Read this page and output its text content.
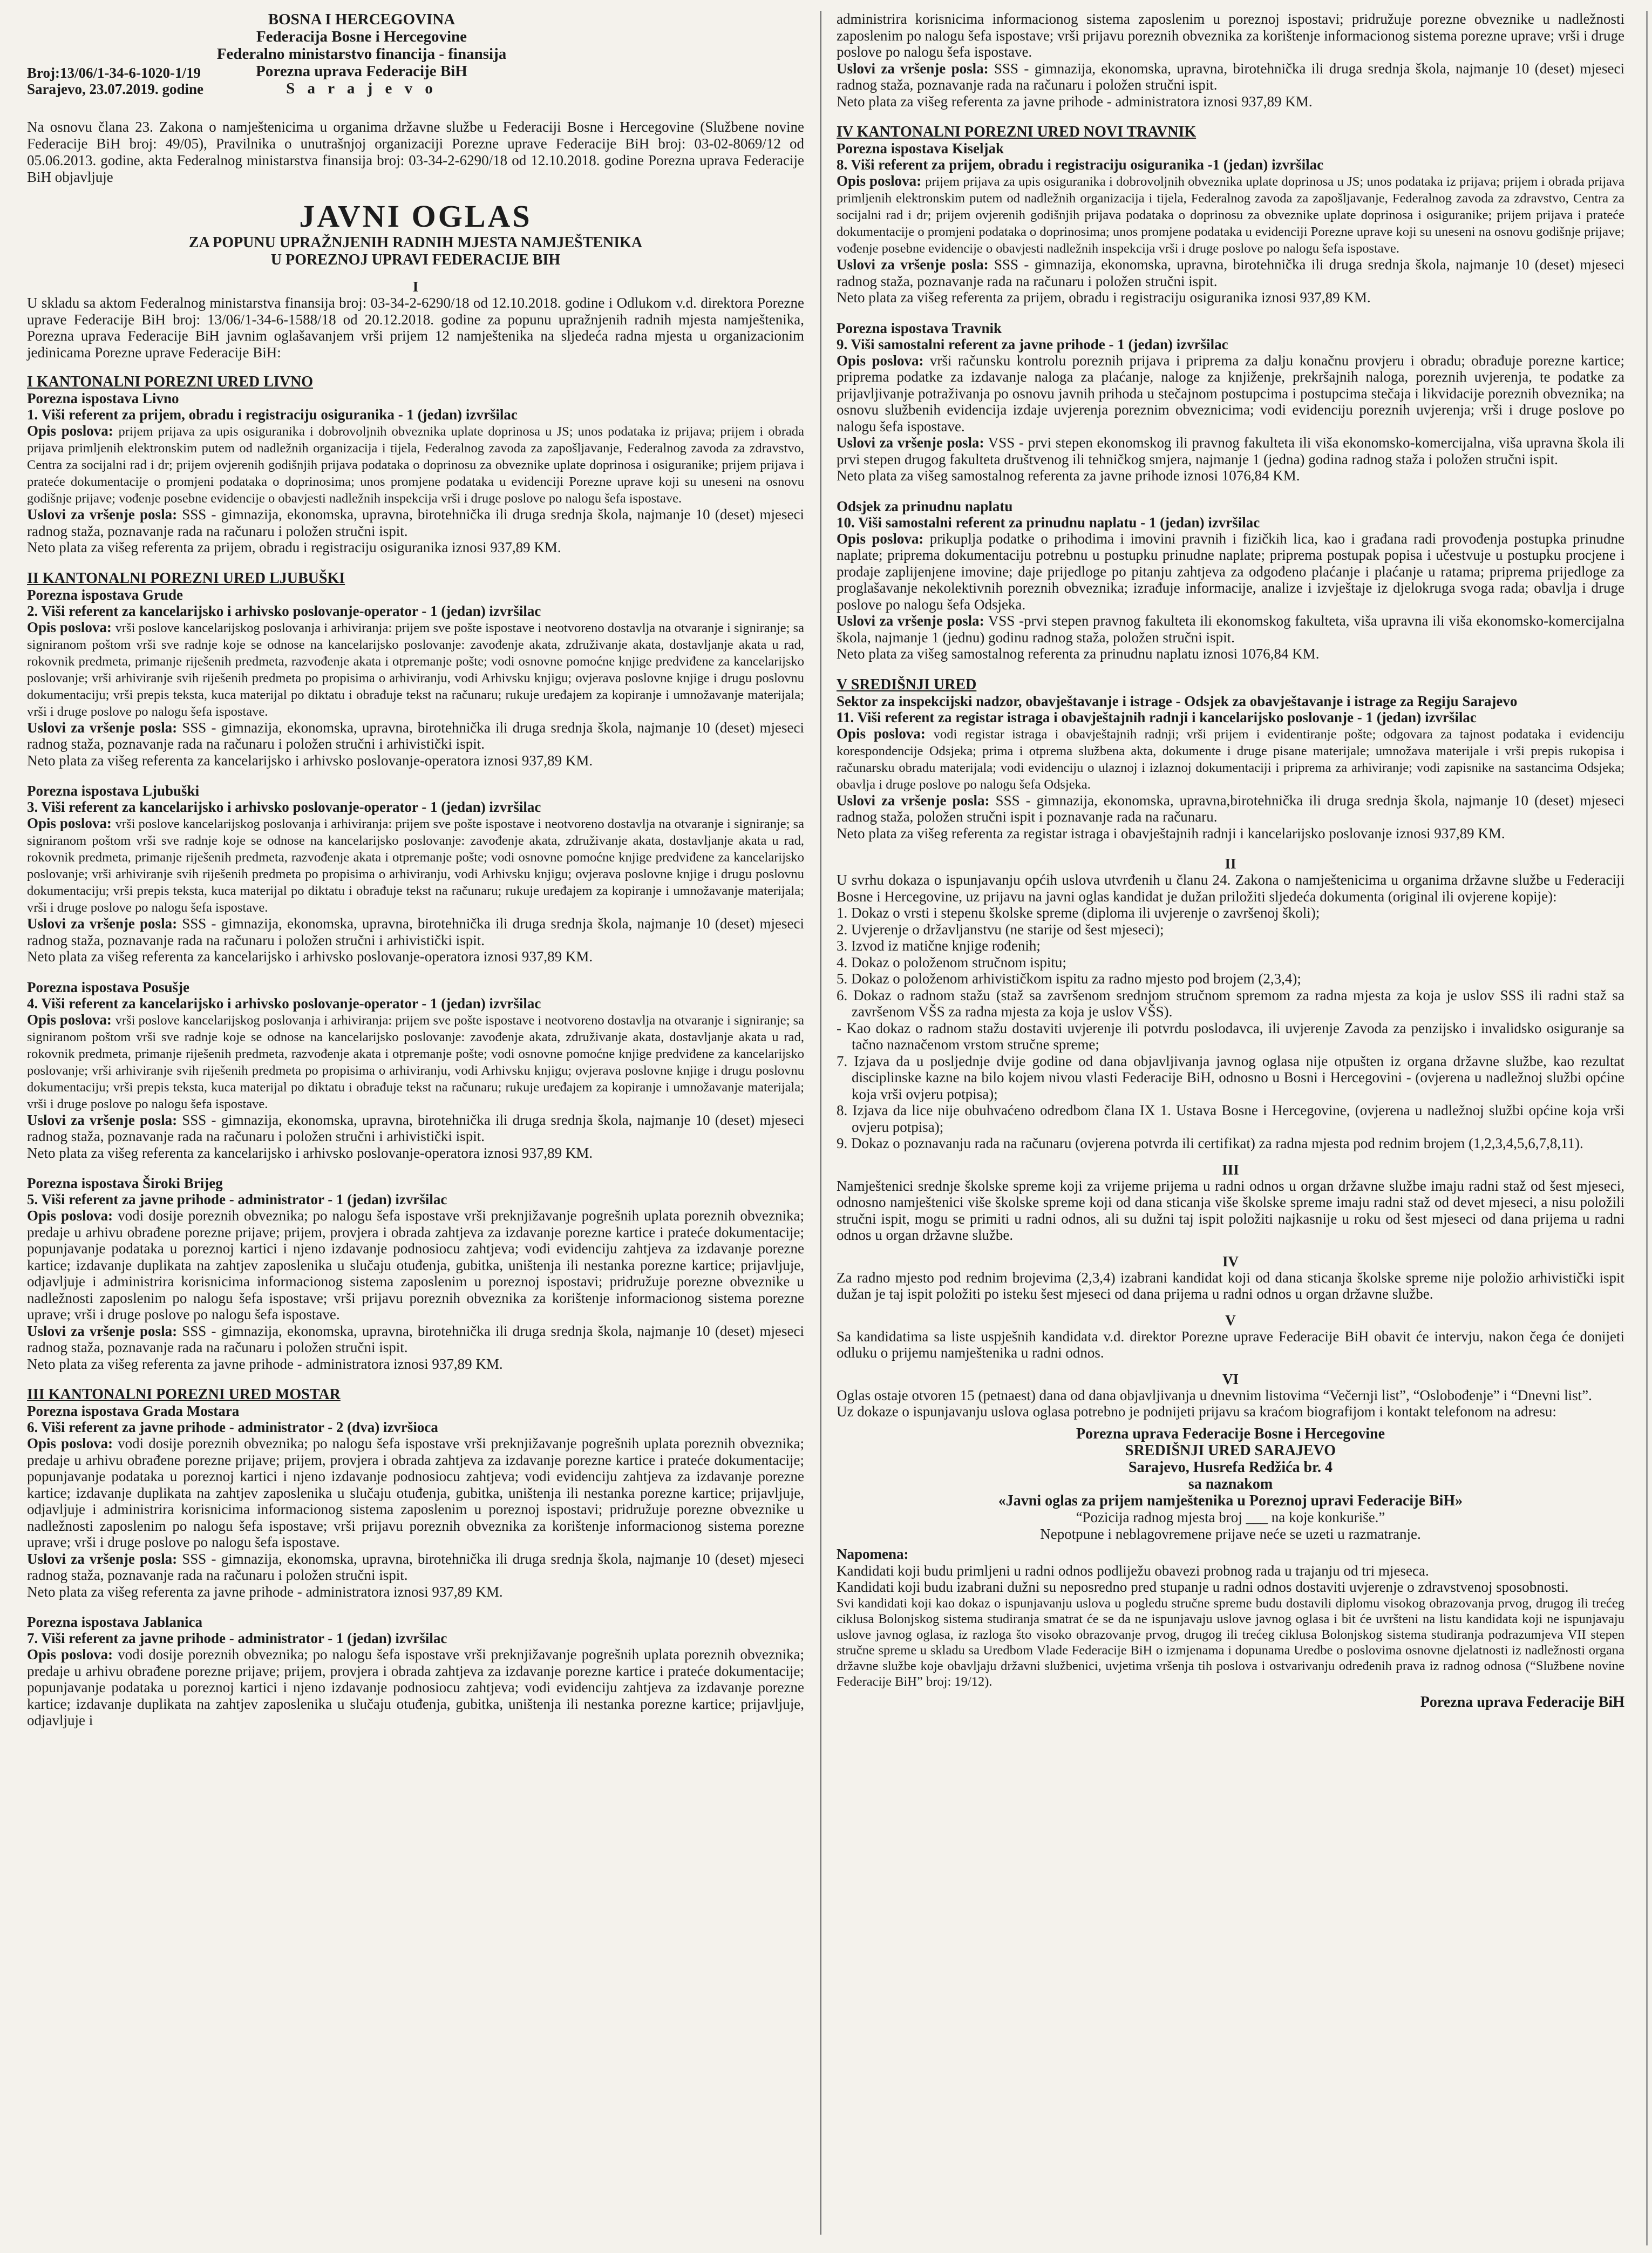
BOSNA I HERCEGOVINA
Federacija Bosne i Hercegovine
Federalno ministarstvo financija - finansija
Porezna uprava Federacije BiH
S a r a j e v o
Broj:13/06/1-34-6-1020-1/19
Sarajevo, 23.07.2019. godine

Na osnovu člana 23. Zakona o namještenicima u organima državne službe u Federaciji Bosne i Hercegovine (Službene novine Federacije BiH broj: 49/05), Pravilnika o unutrašnjoj organizaciji Porezne uprave Federacije BiH broj: 03-02-8069/12 od 05.06.2013. godine, akta Federalnog ministarstva finansija broj: 03-34-2-6290/18 od 12.10.2018. godine Porezna uprava Federacije BiH objavljuje

JAVNI OGLAS
ZA POPUNU UPRAŽNJENIH RADNIH MJESTA NAMJEŠTENIKA
U POREZNOJ UPRAVI FEDERACIJE BIH
I

U skladu sa aktom Federalnog ministarstva finansija broj: 03-34-2-6290/18 od 12.10.2018. godine i Odlukom v.d. direktora Porezne uprave Federacije BiH broj: 13/06/1-34-6-1588/18 od 20.12.2018. godine za popunu upražnjenih radnih mjesta namještenika, Porezna uprava Federacije BiH javnim oglašavanjem vrši prijem 12 namještenika na sljedeća radna mjesta u organizacionim jedinicama Porezne uprave Federacije BiH:

I KANTONALNI POREZNI URED LIVNO
Porezna ispostava Livno
1. Viši referent za prijem, obradu i registraciju osiguranika - 1 (jedan) izvršilac

Opis poslova: prijem prijava za upis osiguranika i dobrovoljnih obveznika uplate doprinosa u JS; unos podataka iz prijava; prijem i obrada prijava primljenih elektronskim putem od nadležnih organizacija i tijela, Federalnog zavoda za zapošljavanje, Federalnog zavoda za zdravstvo, Centra za socijalni rad i dr; prijem ovjerenih godišnjih prijava podataka o doprinosu za obveznike uplate doprinosa i osiguranike; prijem prijava i prateće dokumentacije o promjeni podataka o doprinosima; unos promjene podataka u evidenciji Porezne uprave koji su uneseni na osnovu godišnje prijave; vođenje posebne evidencije o obavjesti nadležnih inspekcija vrši i druge poslove po nalogu šefa ispostave.

Uslovi za vršenje posla: SSS - gimnazija, ekonomska, upravna, birotehnička ili druga srednja škola, najmanje 10 (deset) mjeseci radnog staža, poznavanje rada na računaru i položen stručni ispit.

Neto plata za višeg referenta za prijem, obradu i registraciju osiguranika iznosi 937,89 KM.

II KANTONALNI POREZNI URED LJUBUŠKI
Porezna ispostava Grude
2. Viši referent za kancelarijsko i arhivsko poslovanje-operator - 1 (jedan) izvršilac

Opis poslova: vrši poslove kancelarijskog poslovanja i arhiviranja: prijem sve pošte ispostave i neotvoreno dostavlja na otvaranje i signiranje; sa signiranom poštom vrši sve radnje koje se odnose na kancelarijsko poslovanje: zavođenje akata, združivanje akata, dostavljanje akata u rad, rokovnik predmeta, primanje riješenih predmeta, razvođenje akata i otpremanje pošte; vodi osnovne pomoćne knjige predviđene za kancelarijsko poslovanje; vrši arhiviranje svih riješenih predmeta po propisima o arhiviranju, vodi Arhivsku knjigu; ovjerava poslovne knjige i drugu poslovnu dokumentaciju; vrši prepis teksta, kuca materijal po diktatu i obrađuje tekst na računaru; rukuje uređajem za kopiranje i umnožavanje materijala; vrši i druge poslove po nalogu šefa ispostave.

Uslovi za vršenje posla: SSS - gimnazija, ekonomska, upravna, birotehnička ili druga srednja škola, najmanje 10 (deset) mjeseci radnog staža, poznavanje rada na računaru i položen stručni i arhivistički ispit.

Neto plata za višeg referenta za kancelarijsko i arhivsko poslovanje-operatora iznosi 937,89 KM.

Porezna ispostava Ljubuški
3. Viši referent za kancelarijsko i arhivsko poslovanje-operator - 1 (jedan) izvršilac

Opis poslova: vrši poslove kancelarijskog poslovanja i arhiviranja: prijem sve pošte ispostave i neotvoreno dostavlja na otvaranje i signiranje; sa signiranom poštom vrši sve radnje koje se odnose na kancelarijsko poslovanje: zavođenje akata, združivanje akata, dostavljanje akata u rad, rokovnik predmeta, primanje riješenih predmeta, razvođenje akata i otpremanje pošte; vodi osnovne pomoćne knjige predviđene za kancelarijsko poslovanje; vrši arhiviranje svih riješenih predmeta po propisima o arhiviranju, vodi Arhivsku knjigu; ovjerava poslovne knjige i drugu poslovnu dokumentaciju; vrši prepis teksta, kuca materijal po diktatu i obrađuje tekst na računaru; rukuje uređajem za kopiranje i umnožavanje materijala; vrši i druge poslove po nalogu šefa ispostave.

Uslovi za vršenje posla: SSS - gimnazija, ekonomska, upravna, birotehnička ili druga srednja škola, najmanje 10 (deset) mjeseci radnog staža, poznavanje rada na računaru i položen stručni i arhivistički ispit.

Neto plata za višeg referenta za kancelarijsko i arhivsko poslovanje-operatora iznosi 937,89 KM.

Porezna ispostava Posušje
4. Viši referent za kancelarijsko i arhivsko poslovanje-operator - 1 (jedan) izvršilac

Opis poslova: vrši poslove kancelarijskog poslovanja i arhiviranja: prijem sve pošte ispostave i neotvoreno dostavlja na otvaranje i signiranje; sa signiranom poštom vrši sve radnje koje se odnose na kancelarijsko poslovanje: zavođenje akata, združivanje akata, dostavljanje akata u rad, rokovnik predmeta, primanje riješenih predmeta, razvođenje akata i otpremanje pošte; vodi osnovne pomoćne knjige predviđene za kancelarijsko poslovanje; vrši arhiviranje svih riješenih predmeta po propisima o arhiviranju, vodi Arhivsku knjigu; ovjerava poslovne knjige i drugu poslovnu dokumentaciju; vrši prepis teksta, kuca materijal po diktatu i obrađuje tekst na računaru; rukuje uređajem za kopiranje i umnožavanje materijala; vrši i druge poslove po nalogu šefa ispostave.

Uslovi za vršenje posla: SSS - gimnazija, ekonomska, upravna, birotehnička ili druga srednja škola, najmanje 10 (deset) mjeseci radnog staža, poznavanje rada na računaru i položen stručni i arhivistički ispit.

Neto plata za višeg referenta za kancelarijsko i arhivsko poslovanje-operatora iznosi 937,89 KM.

Porezna ispostava Široki Brijeg
5. Viši referent za javne prihode - administrator - 1 (jedan) izvršilac

Opis poslova: vodi dosije poreznih obveznika; po nalogu šefa ispostave vrši preknjižavanje pogrešnih uplata poreznih obveznika; predaje u arhivu obrađene porezne prijave; prijem, provjera i obrada zahtjeva za izdavanje porezne kartice i prateće dokumentacije; popunjavanje podataka u poreznoj kartici i njeno izdavanje podnosiocu zahtjeva; vodi evidenciju zahtjeva za izdavanje porezne kartice; izdavanje duplikata na zahtjev zaposlenika u slučaju otuđenja, gubitka, uništenja ili nestanka porezne kartice; prijavljuje, odjavljuje i administrira korisnicima informacionog sistema zaposlenim u poreznoj ispostavi; pridružuje porezne obveznike u nadležnosti zaposlenim po nalogu šefa ispostave; vrši prijavu poreznih obveznika za korištenje informacionog sistema porezne uprave; vrši i druge poslove po nalogu šefa ispostave.

Uslovi za vršenje posla: SSS - gimnazija, ekonomska, upravna, birotehnička ili druga srednja škola, najmanje 10 (deset) mjeseci radnog staža, poznavanje rada na računaru i položen stručni ispit.

Neto plata za višeg referenta za javne prihode - administratora iznosi 937,89 KM.

III KANTONALNI POREZNI URED MOSTAR
Porezna ispostava Grada Mostara
6. Viši referent za javne prihode - administrator - 2 (dva) izvršioca

Opis poslova: vodi dosije poreznih obveznika; po nalogu šefa ispostave vrši preknjižavanje pogrešnih uplata poreznih obveznika; predaje u arhivu obrađene porezne prijave; prijem, provjera i obrada zahtjeva za izdavanje porezne kartice i prateće dokumentacije; popunjavanje podataka u poreznoj kartici i njeno izdavanje podnosiocu zahtjeva; vodi evidenciju zahtjeva za izdavanje porezne kartice; izdavanje duplikata na zahtjev zaposlenika u slučaju otuđenja, gubitka, uništenja ili nestanka porezne kartice; prijavljuje, odjavljuje i administrira korisnicima informacionog sistema zaposlenim u poreznoj ispostavi; pridružuje porezne obveznike u nadležnosti zaposlenim po nalogu šefa ispostave; vrši prijavu poreznih obveznika za korištenje informacionog sistema porezne uprave; vrši i druge poslove po nalogu šefa ispostave.

Uslovi za vršenje posla: SSS - gimnazija, ekonomska, upravna, birotehnička ili druga srednja škola, najmanje 10 (deset) mjeseci radnog staža, poznavanje rada na računaru i položen stručni ispit.

Neto plata za višeg referenta za javne prihode - administratora iznosi 937,89 KM.

Porezna ispostava Jablanica
7. Viši referent za javne prihode - administrator - 1 (jedan) izvršilac

Opis poslova: vodi dosije poreznih obveznika; po nalogu šefa ispostave vrši preknjižavanje pogrešnih uplata poreznih obveznika; predaje u arhivu obrađene porezne prijave; prijem, provjera i obrada zahtjeva za izdavanje porezne kartice i prateće dokumentacije; popunjavanje podataka u poreznoj kartici i njeno izdavanje podnosiocu zahtjeva; vodi evidenciju zahtjeva za izdavanje porezne kartice; izdavanje duplikata na zahtjev zaposlenika u slučaju otuđenja, gubitka, uništenja ili nestanka porezne kartice; prijavljuje, odjavljuje i

administrira korisnicima informacionog sistema zaposlenim u poreznoj ispostavi; pridružuje porezne obveznike u nadležnosti zaposlenim po nalogu šefa ispostave; vrši prijavu poreznih obveznika za korištenje informacionog sistema porezne uprave; vrši i druge poslove po nalogu šefa ispostave.

Uslovi za vršenje posla: SSS - gimnazija, ekonomska, upravna, birotehnička ili druga srednja škola, najmanje 10 (deset) mjeseci radnog staža, poznavanje rada na računaru i položen stručni ispit.

Neto plata za višeg referenta za javne prihode - administratora iznosi 937,89 KM.

IV KANTONALNI POREZNI URED NOVI TRAVNIK
Porezna ispostava Kiseljak
8. Viši referent za prijem, obradu i registraciju osiguranika -1 (jedan) izvršilac

Opis poslova: prijem prijava za upis osiguranika i dobrovoljnih obveznika uplate doprinosa u JS; unos podataka iz prijava; prijem i obrada prijava primljenih elektronskim putem od nadležnih organizacija i tijela, Federalnog zavoda za zapošljavanje, Federalnog zavoda za zdravstvo, Centra za socijalni rad i dr; prijem ovjerenih godišnjih prijava podataka o doprinosu za obveznike uplate doprinosa i osiguranike; prijem prijava i prateće dokumentacije o promjeni podataka o doprinosima; unos promjene podataka u evidenciji Porezne uprave koji su uneseni na osnovu godišnje prijave; vođenje posebne evidencije o obavjesti nadležnih inspekcija vrši i druge poslove po nalogu šefa ispostave.

Uslovi za vršenje posla: SSS - gimnazija, ekonomska, upravna, birotehnička ili druga srednja škola, najmanje 10 (deset) mjeseci radnog staža, poznavanje rada na računaru i položen stručni ispit.

Neto plata za višeg referenta za prijem, obradu i registraciju osiguranika iznosi 937,89 KM.

Porezna ispostava Travnik
9. Viši samostalni referent za javne prihode - 1 (jedan) izvršilac

Opis poslova: vrši računsku kontrolu poreznih prijava i priprema za dalju konačnu provjeru i obradu; obrađuje porezne kartice; priprema podatke za izdavanje naloga za plaćanje, naloge za knjiženje, prekršajnih naloga, poreznih uvjerenja, te podatke za prijavljivanje potraživanja po osnovu javnih prihoda u stečajnom postupcima i postupcima stečaja i likvidacije poreznih obveznika; na osnovu službenih evidencija izdaje uvjerenja poreznim obveznicima; vodi evidenciju poreznih uvjerenja; vrši i druge poslove po nalogu šefa ispostave.

Uslovi za vršenje posla: VSS - prvi stepen ekonomskog ili pravnog fakulteta ili viša ekonomsko-komercijalna, viša upravna škola ili prvi stepen drugog fakulteta društvenog ili tehničkog smjera, najmanje 1 (jedna) godina radnog staža i položen stručni ispit.

Neto plata za višeg samostalnog referenta za javne prihode iznosi 1076,84 KM.

Odsjek za prinudnu naplatu
10. Viši samostalni referent za prinudnu naplatu - 1 (jedan) izvršilac

Opis poslova: prikuplja podatke o prihodima i imovini pravnih i fizičkih lica, kao i građana radi provođenja postupka prinudne naplate; priprema dokumentaciju potrebnu u postupku prinudne naplate; priprema postupak popisa i učestvuje u postupku procjene i prodaje zaplijenjene imovine; daje prijedloge po pitanju zahtjeva za odgođeno plaćanje i plaćanje u ratama; priprema prijedloge za proglašavanje nekolektivnih poreznih obveznika; izrađuje informacije, analize i izvještaje iz djelokruga svoga rada; obavlja i druge poslove po nalogu šefa Odsjeka.

Uslovi za vršenje posla: VSS -prvi stepen pravnog fakulteta ili ekonomskog fakulteta, viša upravna ili viša ekonomsko-komercijalna škola, najmanje 1 (jednu) godinu radnog staža, položen stručni ispit.

Neto plata za višeg samostalnog referenta za prinudnu naplatu iznosi 1076,84 KM.

V SREDIŠNJI URED
Sektor za inspekcijski nadzor, obavještavanje i istrage - Odsjek za obavještavanje i istrage za Regiju Sarajevo
11. Viši referent za registar istraga i obavještajnih radnji i kancelarijsko poslovanje - 1 (jedan) izvršilac

Opis poslova: vodi registar istraga i obavještajnih radnji; vrši prijem i evidentiranje pošte; odgovara za tajnost podataka i evidenciju korespondencije Odsjeka; prima i otprema službena akta, dokumente i druge pisane materijale; umnožava materijale i vrši prepis rukopisa i računarsku obradu materijala; vodi evidenciju o ulaznoj i izlaznoj dokumentaciji i priprema za arhiviranje; vodi zapisnike na sastancima Odsjeka; obavlja i druge poslove po nalogu šefa Odsjeka.

Uslovi za vršenje posla: SSS - gimnazija, ekonomska, upravna,birotehnička ili druga srednja škola, najmanje 10 (deset) mjeseci radnog staža, položen stručni ispit i poznavanje rada na računaru.

Neto plata za višeg referenta za registar istraga i obavještajnih radnji i kancelarijsko poslovanje iznosi 937,89 KM.

II

U svrhu dokaza o ispunjavanju općih uslova utvrđenih u članu 24. Zakona o namještenicima u organima državne službe u Federaciji Bosne i Hercegovine, uz prijavu na javni oglas kandidat je dužan priložiti sljedeća dokumenta (original ili ovjerene kopije):

1. Dokaz o vrsti i stepenu školske spreme (diploma ili uvjerenje o završenoj školi);
2. Uvjerenje o državljanstvu (ne starije od šest mjeseci);
3. Izvod iz matične knjige rođenih;
4. Dokaz o položenom stručnom ispitu;
5. Dokaz o položenom arhivističkom ispitu za radno mjesto pod brojem (2,3,4);
6. Dokaz o radnom stažu (staž sa završenom srednjom stručnom spremom za radna mjesta za koja je uslov SSS ili radni staž sa završenom VŠS za radna mjesta za koja je uslov VŠS).
- Kao dokaz o radnom stažu dostaviti uvjerenje ili potvrdu poslodavca, ili uvjerenje Zavoda za penzijsko i invalidsko osiguranje sa tačno naznačenom vrstom stručne spreme;
7. Izjava da u posljednje dvije godine od dana objavljivanja javnog oglasa nije otpušten iz organa državne službe, kao rezultat disciplinske kazne na bilo kojem nivou vlasti Federacije BiH, odnosno u Bosni i Hercegovini - (ovjerena u nadležnoj službi općine koja vrši ovjeru potpisa);
8. Izjava da lice nije obuhvaćeno odredbom člana IX 1. Ustava Bosne i Hercegovine, (ovjerena u nadležnoj službi općine koja vrši ovjeru potpisa);
9. Dokaz o poznavanju rada na računaru (ovjerena potvrda ili certifikat) za radna mjesta pod rednim brojem (1,2,3,4,5,6,7,8,11).
III

Namještenici srednje školske spreme koji za vrijeme prijema u radni odnos u organ državne službe imaju radni staž od šest mjeseci, odnosno namještenici više školske spreme koji od dana sticanja više školske spreme imaju radni staž od devet mjeseci, a nisu položili stručni ispit, mogu se primiti u radni odnos, ali su dužni taj ispit položiti najkasnije u roku od šest mjeseci od dana prijema u radni odnos u organ državne službe.

IV

Za radno mjesto pod rednim brojevima (2,3,4) izabrani kandidat koji od dana sticanja školske spreme nije položio arhivistički ispit dužan je taj ispit položiti po isteku šest mjeseci od dana prijema u radni odnos u organ državne službe.

V

Sa kandidatima sa liste uspješnih kandidata v.d. direktor Porezne uprave Federacije BiH obavit će intervju, nakon čega će donijeti odluku o prijemu namještenika u radni odnos.

VI

Oglas ostaje otvoren 15 (petnaest) dana od dana objavljivanja u dnevnim listovima “Večernji list”, “Oslobođenje” i “Dnevni list”.

Uz dokaze o ispunjavanju uslova oglasa potrebno je podnijeti prijavu sa kraćom biografijom i kontakt telefonom na adresu:

Porezna uprava Federacije Bosne i Hercegovine
SREDIŠNJI URED SARAJEVO
Sarajevo, Husrefa Redžića br. 4
sa naznakom
«Javni oglas za prijem namještenika u Poreznoj upravi Federacije BiH»
“Pozicija radnog mjesta broj ___ na koje konkuriše.”
Nepotpune i neblagovremene prijave neće se uzeti u razmatranje.
Napomena:

Kandidati koji budu primljeni u radni odnos podliježu obavezi probnog rada u trajanju od tri mjeseca.

Kandidati koji budu izabrani dužni su neposredno pred stupanje u radni odnos dostaviti uvjerenje o zdravstvenoj sposobnosti.

Svi kandidati koji kao dokaz o ispunjavanju uslova u pogledu stručne spreme budu dostavili diplomu visokog obrazovanja prvog, drugog ili trećeg ciklusa Bolonjskog sistema studiranja smatrat će se da ne ispunjavaju uslove javnog oglasa i bit će uvršteni na listu kandidata koji ne ispunjavaju uslove javnog oglasa, iz razloga što visoko obrazovanje prvog, drugog ili trećeg ciklusa Bolonjskog sistema studiranja podrazumjeva VII stepen stručne spreme u skladu sa Uredbom Vlade Federacije BiH o izmjenama i dopunama Uredbe o poslovima osnovne djelatnosti iz nadležnosti organa državne službe koje obavljaju državni službenici, uvjetima vršenja tih poslova i ostvarivanju određenih prava iz radnog odnosa (“Službene novine Federacije BiH” broj: 19/12).

Porezna uprava Federacije BiH
